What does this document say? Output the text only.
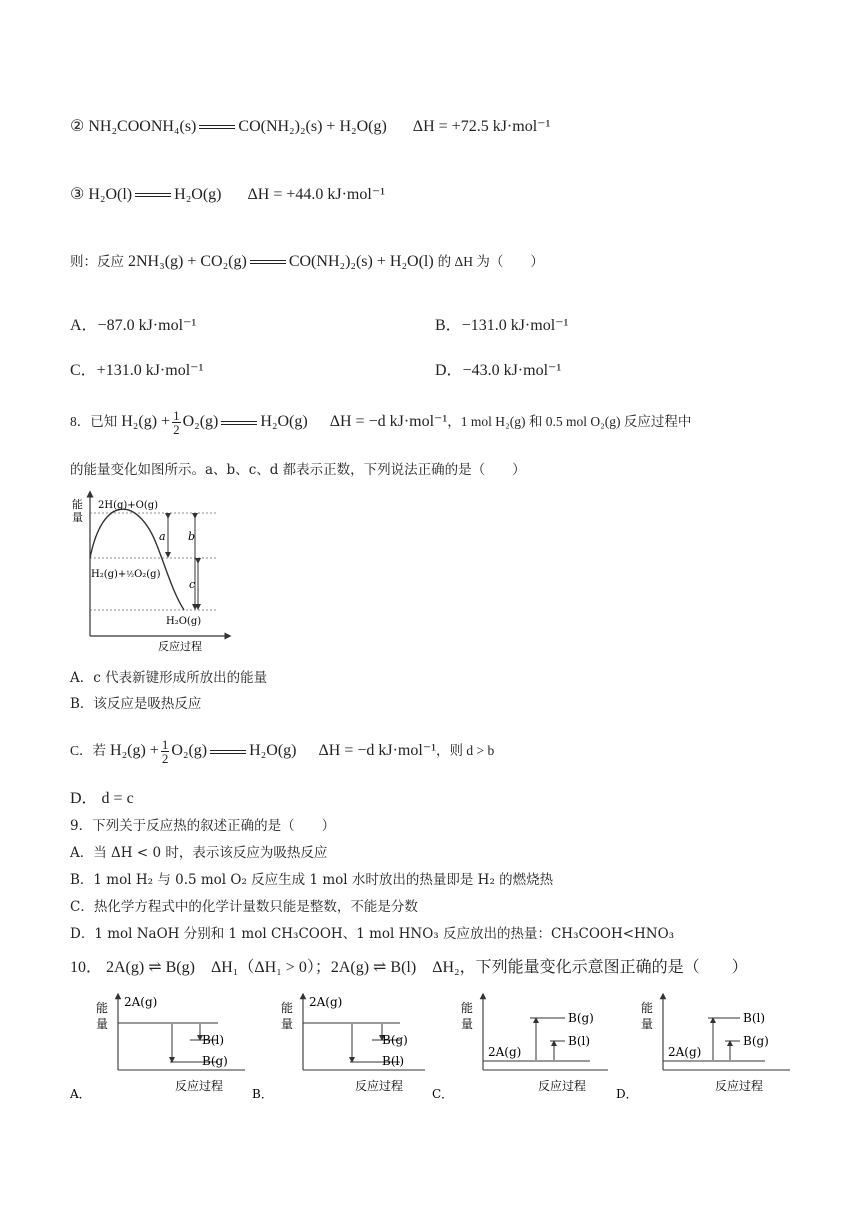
② NH₂COONH₄(s)	CO(NH₂)₂(s) + H₂O(g) ΔH = +72.5 kJ·mol⁻¹
③ H₂O(l)	H₂O(g) ΔH = +44.0 kJ·mol⁻¹
则：反应 2NH₃(g) + CO₂(g)	CO(NH₂)₂(s) + H₂O(l) 的 ΔH 为（　　）
A．−87.0 kJ·mol⁻¹	B．−131.0 kJ·mol⁻¹
C．+131.0 kJ·mol⁻¹	D．−43.0 kJ·mol⁻¹
8．已知 $H_2(g) + \frac{1}{2} O_2(g)$	H₂O(g) ΔH = −d kJ·mol⁻¹，1 mol H₂(g) 和 0.5 mol O₂(g) 反应过程中
的能量变化如图所示。a、b、c、d 都表示正数，下列说法正确的是（　　）
能
量
反应过程
2H(g)+O(g)
H₂(g)+½O₂(g)
H₂O(g)
a b
c
A．c 代表新键形成所放出的能量
B．该反应是吸热反应
C．若 $H_2(g) + \frac{1}{2} O_2(g)$	H₂O(g) ΔH = −d kJ·mol⁻¹，则 d > b
D． d = c
9．下列关于反应热的叙述正确的是（　　）
A．当 ΔH < 0 时，表示该反应为吸热反应
B．1 mol H₂ 与 0.5 mol O₂ 反应生成 1 mol 水时放出的热量即是 H₂ 的燃烧热
C．热化学方程式中的化学计量数只能是整数，不能是分数
D．1 mol NaOH 分别和 1 mol CH₃COOH、1 mol HNO₃ 反应放出的热量：CH₃COOH<HNO₃
10． 2A(g) ⇌ B(g)　ΔH₁（ΔH₁ > 0）；2A(g) ⇌ B(l)　ΔH₂，下列能量变化示意图正确的是（　　）
能
量
2A(g)
B(l)
B(g)
反应过程
A．
能
量
2A(g)
B(g)
B(l)
反应过程
B．
能
量
2A(g)
B(g)
B(l)
反应过程
C．
能
量
2A(g)
B(l)
B(g)
反应过程
D．
